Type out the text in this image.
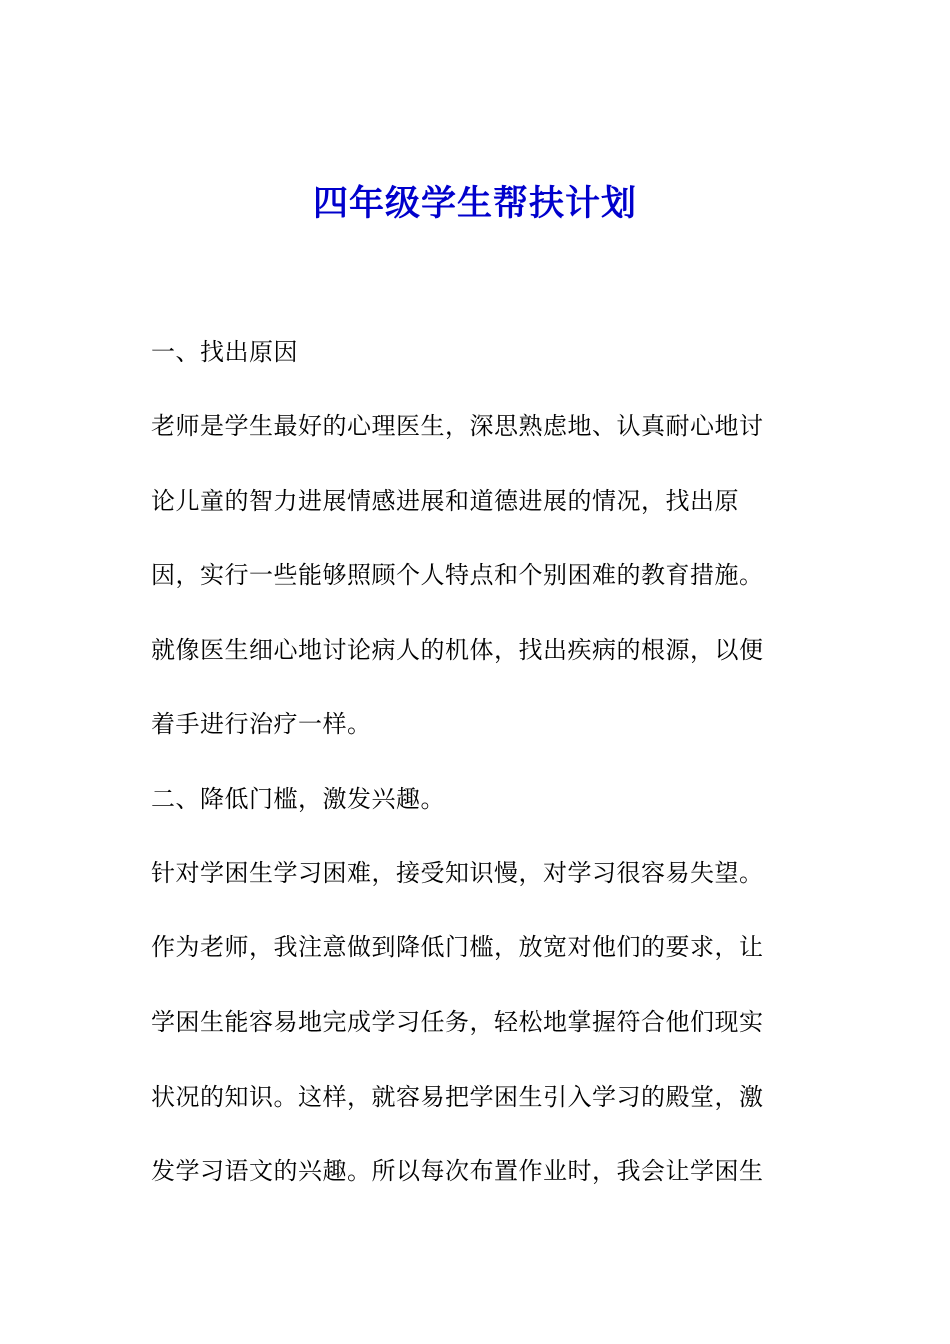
四年级学生帮扶计划
一、找出原因
老师是学生最好的心理医生，深思熟虑地、认真耐心地讨
论儿童的智力进展情感进展和道德进展的情况，找出原
因，实行一些能够照顾个人特点和个别困难的教育措施。
就像医生细心地讨论病人的机体，找出疾病的根源，以便
着手进行治疗一样。
二、降低门槛，激发兴趣。
针对学困生学习困难，接受知识慢，对学习很容易失望。
作为老师，我注意做到降低门槛，放宽对他们的要求，让
学困生能容易地完成学习任务，轻松地掌握符合他们现实
状况的知识。这样，就容易把学困生引入学习的殿堂，激
发学习语文的兴趣。所以每次布置作业时，我会让学困生
